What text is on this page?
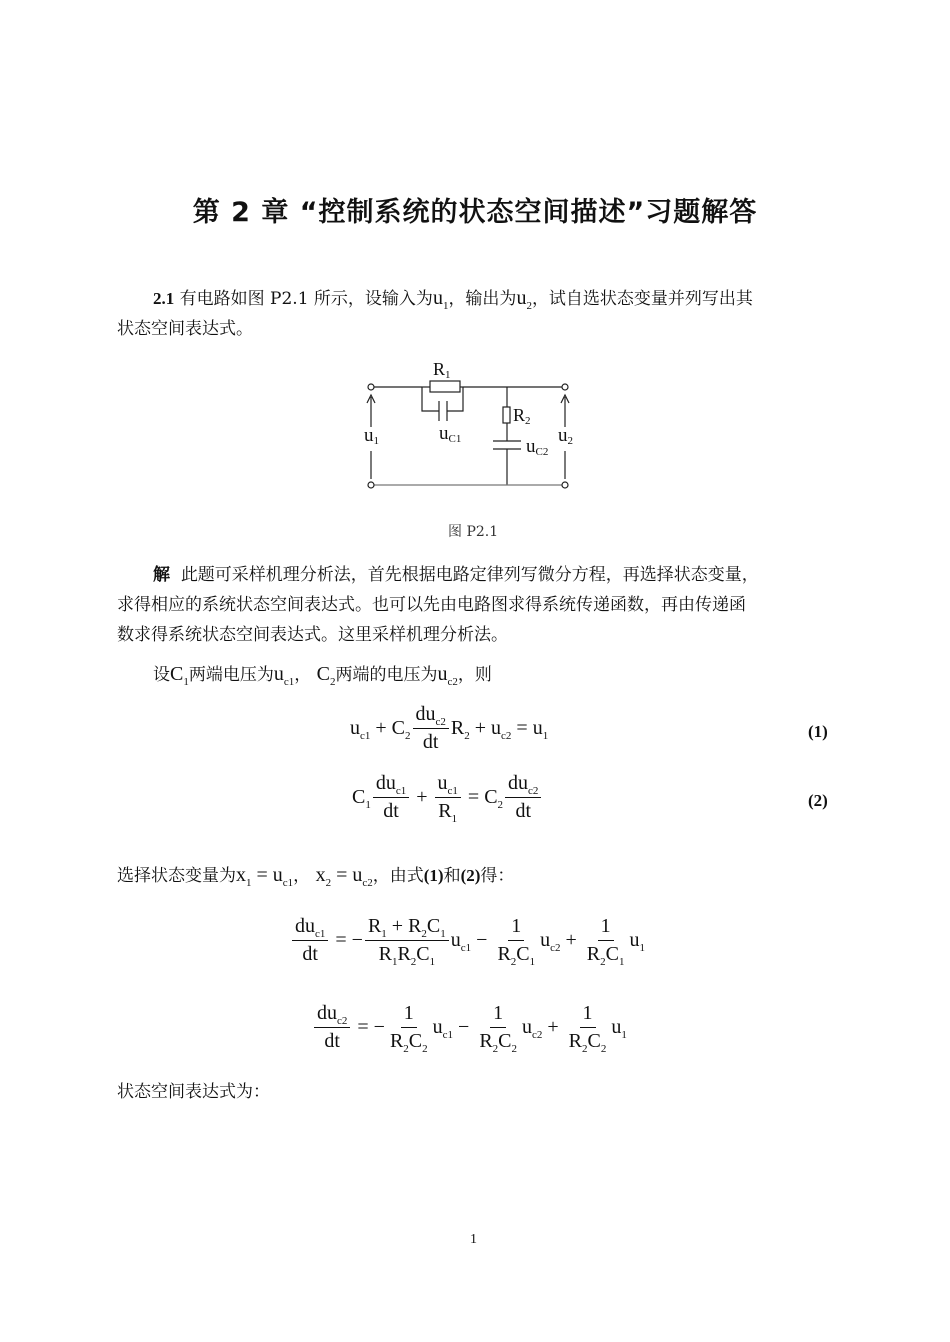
第 2 章 “控制系统的状态空间描述”习题解答
2.1 有电路如图 P2.1 所示，设输入为$u_1$，输出为$u_2$，试自选状态变量并列写出其
状态空间表达式。
R1
u1	uC1
R2
uC2
u2
图 P2.1
解 此题可采样机理分析法，首先根据电路定律列写微分方程，再选择状态变量，
求得相应的系统状态空间表达式。也可以先由电路图求得系统传递函数，再由传递函
数求得系统状态空间表达式。这里采样机理分析法。
设$C_1$两端电压为$u_{c1}$， $C_2$两端的电压为$u_{c2}$，则
$u_{c1} + C_2 \frac{du_{c2}}{dt} R_2 + u_{c2} = u_1$	(1)
$C_1 \frac{du_{c1}}{dt} + \frac{u_{c1}}{R_1} = C_2 \frac{du_{c2}}{dt}$	(2)
选择状态变量为$x_1 = u_{c1}$， $x_2 = u_{c2}$，由式(1)和(2)得：
$\frac{du_{c1}}{dt}$ = − $\frac{R_1 + R_2C_1}{R_1R_2C_1} u_{c1} - \frac{1}{R_2C_1} u_{c2} + \frac{1}{R_2C_1} u_1$
$\frac{du_{c2}}{dt}$ = − $\frac{1}{R_2C_2} u_{c1} - \frac{1}{R_2C_2} u_{c2} + \frac{1}{R_2C_2} u_1$
状态空间表达式为：
1
